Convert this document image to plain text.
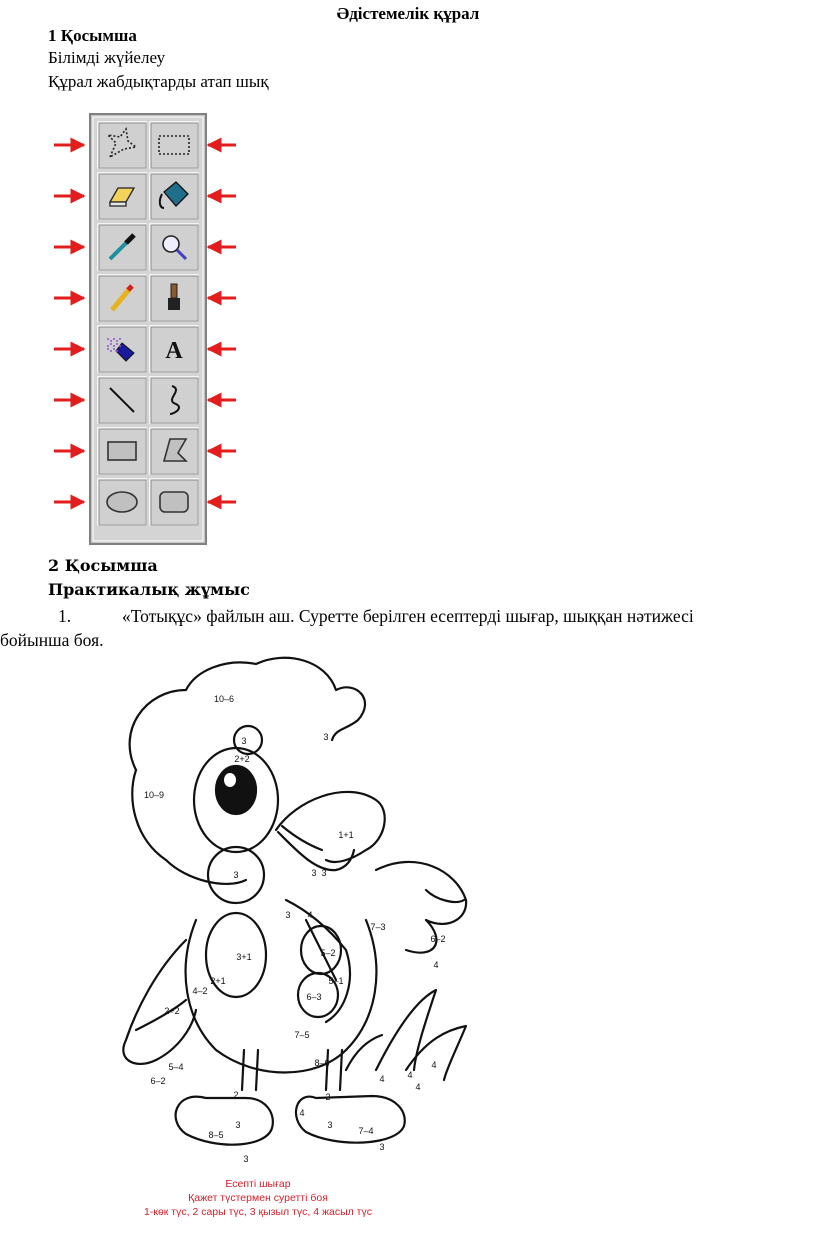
Әдістемелік құрал
1 Қосымша
Білімді жүйелеу
Құрал жабдықтарды атап шық
A
2 Қосымша
Практикалық жұмыс
1.	«Тотықұс» файлын аш. Суретте берілген есептерді шығар, шыққан нәтижесі
бойынша боя.
10–6
3
2+2
3
10–9
1+1
3 3
3
3 4
7–3
6–2
4
5–2
3+1
5–1
2+1
6–3
4–2
2+2
7–5
5–4
6–2
8–6
4	4
4
4
2
3
2
3
4
7–4
8–5
3
3
Есепті шығар
Қажет түстермен суретті боя
1-көк түс, 2 сары түс, 3 қызыл түс, 4 жасыл түс
